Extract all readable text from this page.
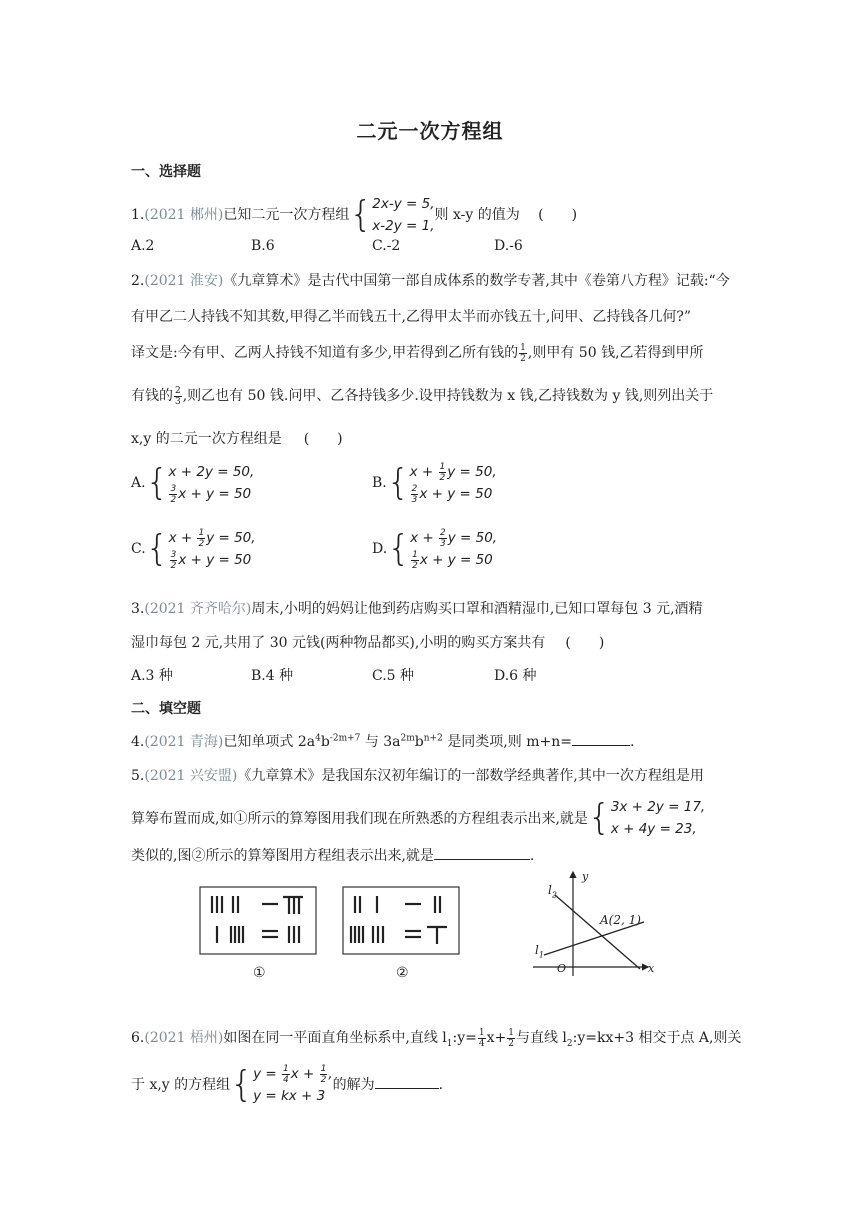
二元一次方程组
一、选择题
1.(2021 郴州)已知二元一次方程组{2x-y = 5,
x-2y = 1,则 x-y 的值为 (　　)
A.2	B.6	C.-2	D.-6
2.(2021 淮安)《九章算术》是古代中国第一部自成体系的数学专著,其中《卷第八方程》记载:“今
有甲乙二人持钱不知其数,甲得乙半而钱五十,乙得甲太半而亦钱五十,问甲、乙持钱各几何?”
译文是:今有甲、乙两人持钱不知道有多少,甲若得到乙所有钱的 $\frac{1}{2}$ ,则甲有 50 钱,乙若得到甲所
有钱的 $\frac{2}{3}$ ,则乙也有 50 钱.问甲、乙各持钱多少.设甲持钱数为 x 钱,乙持钱数为 y 钱,则列出关于
x,y 的二元一次方程组是 (　　)
A.{x + 2y = 50,

$\frac{3}{2}$ x + y = 50
$B.\{x + \frac{1}{2}$ y = 50,

$\frac{2}{3}$ x + y = 50
$C.\{x + \frac{1}{2}$ y = 50,

$\frac{3}{2}$ x + y = 50
$D.\{x + \frac{2}{3}$ y = 50,

$\frac{1}{2}$ x + y = 50
3.(2021 齐齐哈尔)周末,小明的妈妈让他到药店购买口罩和酒精湿巾,已知口罩每包 3 元,酒精
湿巾每包 2 元,共用了 30 元钱(两种物品都买),小明的购买方案共有 (　　)
A.3 种	B.4 种	C.5 种	D.6 种
二、填空题
4.(2021 青海)已知单项式 $2a^4b^{-2m+7}$ 与 $3a^{2m}b^{n+2}$ 是同类项,则 m+n=	.
5.(2021 兴安盟)《九章算术》是我国东汉初年编订的一部数学经典著作,其中一次方程组是用
算筹布置而成,如①所示的算筹图用我们现在所熟悉的方程组表示出来,就是{3x + 2y = 17,
x + 4y = 23,
类似的,图②所示的算筹图用方程组表示出来,就是	.
①	②
$l_2$
$l_1$
A(2, 1)
O	x
y
6.(2021 梧州)如图在同一平面直角坐标系中,直线 $l_1:y= \frac{1}{4} x+ \frac{1}{2}$ 与直线 $l_2:y=kx+3$ 相交于点 A,则关
于 x,y 的方程组{$y = \frac{1}{4}$ $x + \frac{1}{2}$ ,
y = kx + 3的解为	.
